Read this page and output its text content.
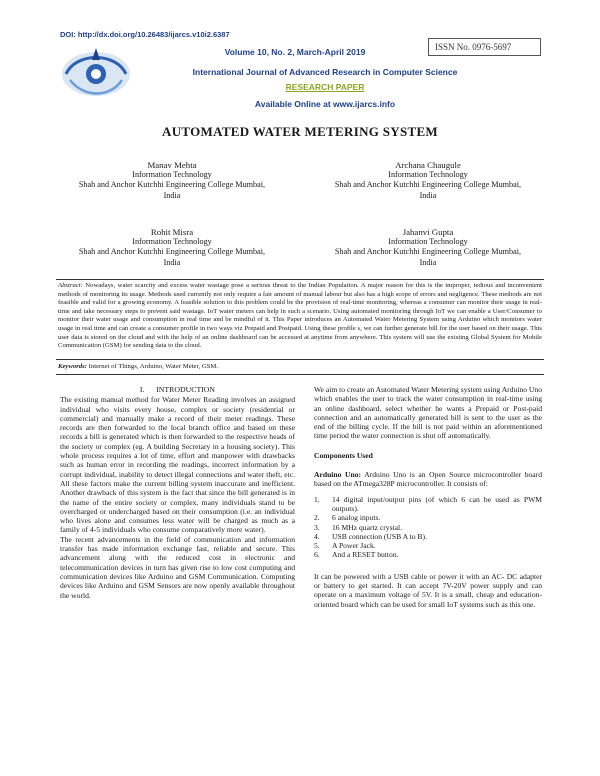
DOI: http://dx.doi.org/10.26483/ijarcs.v10i2.6387
ISSN No. 0976-5697
Volume 10, No. 2, March-April 2019
International Journal of Advanced Research in Computer Science
RESEARCH PAPER
Available Online at www.ijarcs.info
AUTOMATED WATER METERING SYSTEM
Manav Mehta
Information Technology
Shah and Anchor Kutchhi Engineering College Mumbai,
India
Archana Chaugule
Information Technology
Shah and Anchor Kutchhi Engineering College Mumbai,
India
Rohit Misra
Information Technology
Shah and Anchor Kutchhi Engineering College Mumbai,
India
Jahanvi Gupta
Information Technology
Shah and Anchor Kutchhi Engineering College Mumbai,
India
Abstract: Nowadays, water scarcity and excess water wastage pose a serious threat to the Indian Population. A major reason for this is the improper, tedious and inconvenient methods of monitoring its usage. Methods used currently not only require a fair amount of manual labour but also has a high scope of errors and negligence. These methods are not feasible and valid for a growing economy. A feasible solution to this problem could be the provision of real-time monitoring, whereas a consumer can monitor their usage in real-time and take necessary steps to prevent said wastage. IoT water meters can help in such a scenario. Using automated monitoring through IoT we can enable a User/Consumer to monitor their water usage and consumption in real time and be mindful of it. This Paper introduces an Automated Water Metering System using Arduino which monitors water usage in real time and can create a consumer profile in two ways viz Prepaid and Postpaid. Using these profile s, we can further generate bill for the user based on their usage. This user data is stored on the cloud and with the help of an online dashboard can be accessed at anytime from anywhere. This system will use the existing Global System for Mobile Communication (GSM) for sending data to the cloud.
Keywords: Internet of Things, Arduino, Water Meter, GSM.
I.      INTRODUCTION

The existing manual method for Water Meter Reading involves an assigned individual who visits every house, complex or society (residential or commercial) and manually make a record of their meter readings. These records are then forwarded to the local branch office and based on these records a bill is generated which is then forwarded to the respective heads of the society or complex (eg. A building Secretary in a housing society). This whole process requires a lot of time, effort and manpower with drawbacks such as human error in recording the readings, incorrect information by a corrupt individual, inability to detect illegal connections and water theft, etc. All these factors make the current billing system inaccurate and inefficient. Another drawback of this system is the fact that since the bill generated is in the name of the entire society or complex, many individuals stand to be overcharged or undercharged based on their consumption (i.e. an individual who lives alone and consumes less water will be charged as much as a family of 4-5 individuals who consume comparatively more water).

The recent advancements in the field of communication and information transfer has made information exchange fast, reliable and secure. This advancement along with the reduced cost in electronic and telecommunication devices in turn has given rise to low cost computing and communication devices like Arduino and GSM Communication. Computing devices like Arduino and GSM Sensors are now openly available throughout the world.

We aim to create an Automated Water Metering system using Arduino Uno which enables the user to track the water consumption in real-time using an online dashboard, select whether he wants a Prepaid or Post-paid connection and an automatically generated bill is sent to the user as the end of the billing cycle. If the bill is not paid within an aforementioned time period the water connection is shut off automatically.

Components Used

Arduino Uno: Arduino Uno is an Open Source microcontroller board based on the ATmega328P microcontroller. It consists of:

1.	14 digital input/output pins (of which 6 can be used as PWM outputs).
2.	6 analog inputs.
3.	16 MHz quartz crystal.
4.	USB connection (USB A to B).
5.	A Power Jack.
6.	And a RESET button.

It can be powered with a USB cable or power it with an AC- DC adapter or battery to get started. It can accept 7V-20V power supply and can operate on a maximum voltage of 5V. It is a small, cheap and education-oriented board which can be used for small IoT systems such as this one.
